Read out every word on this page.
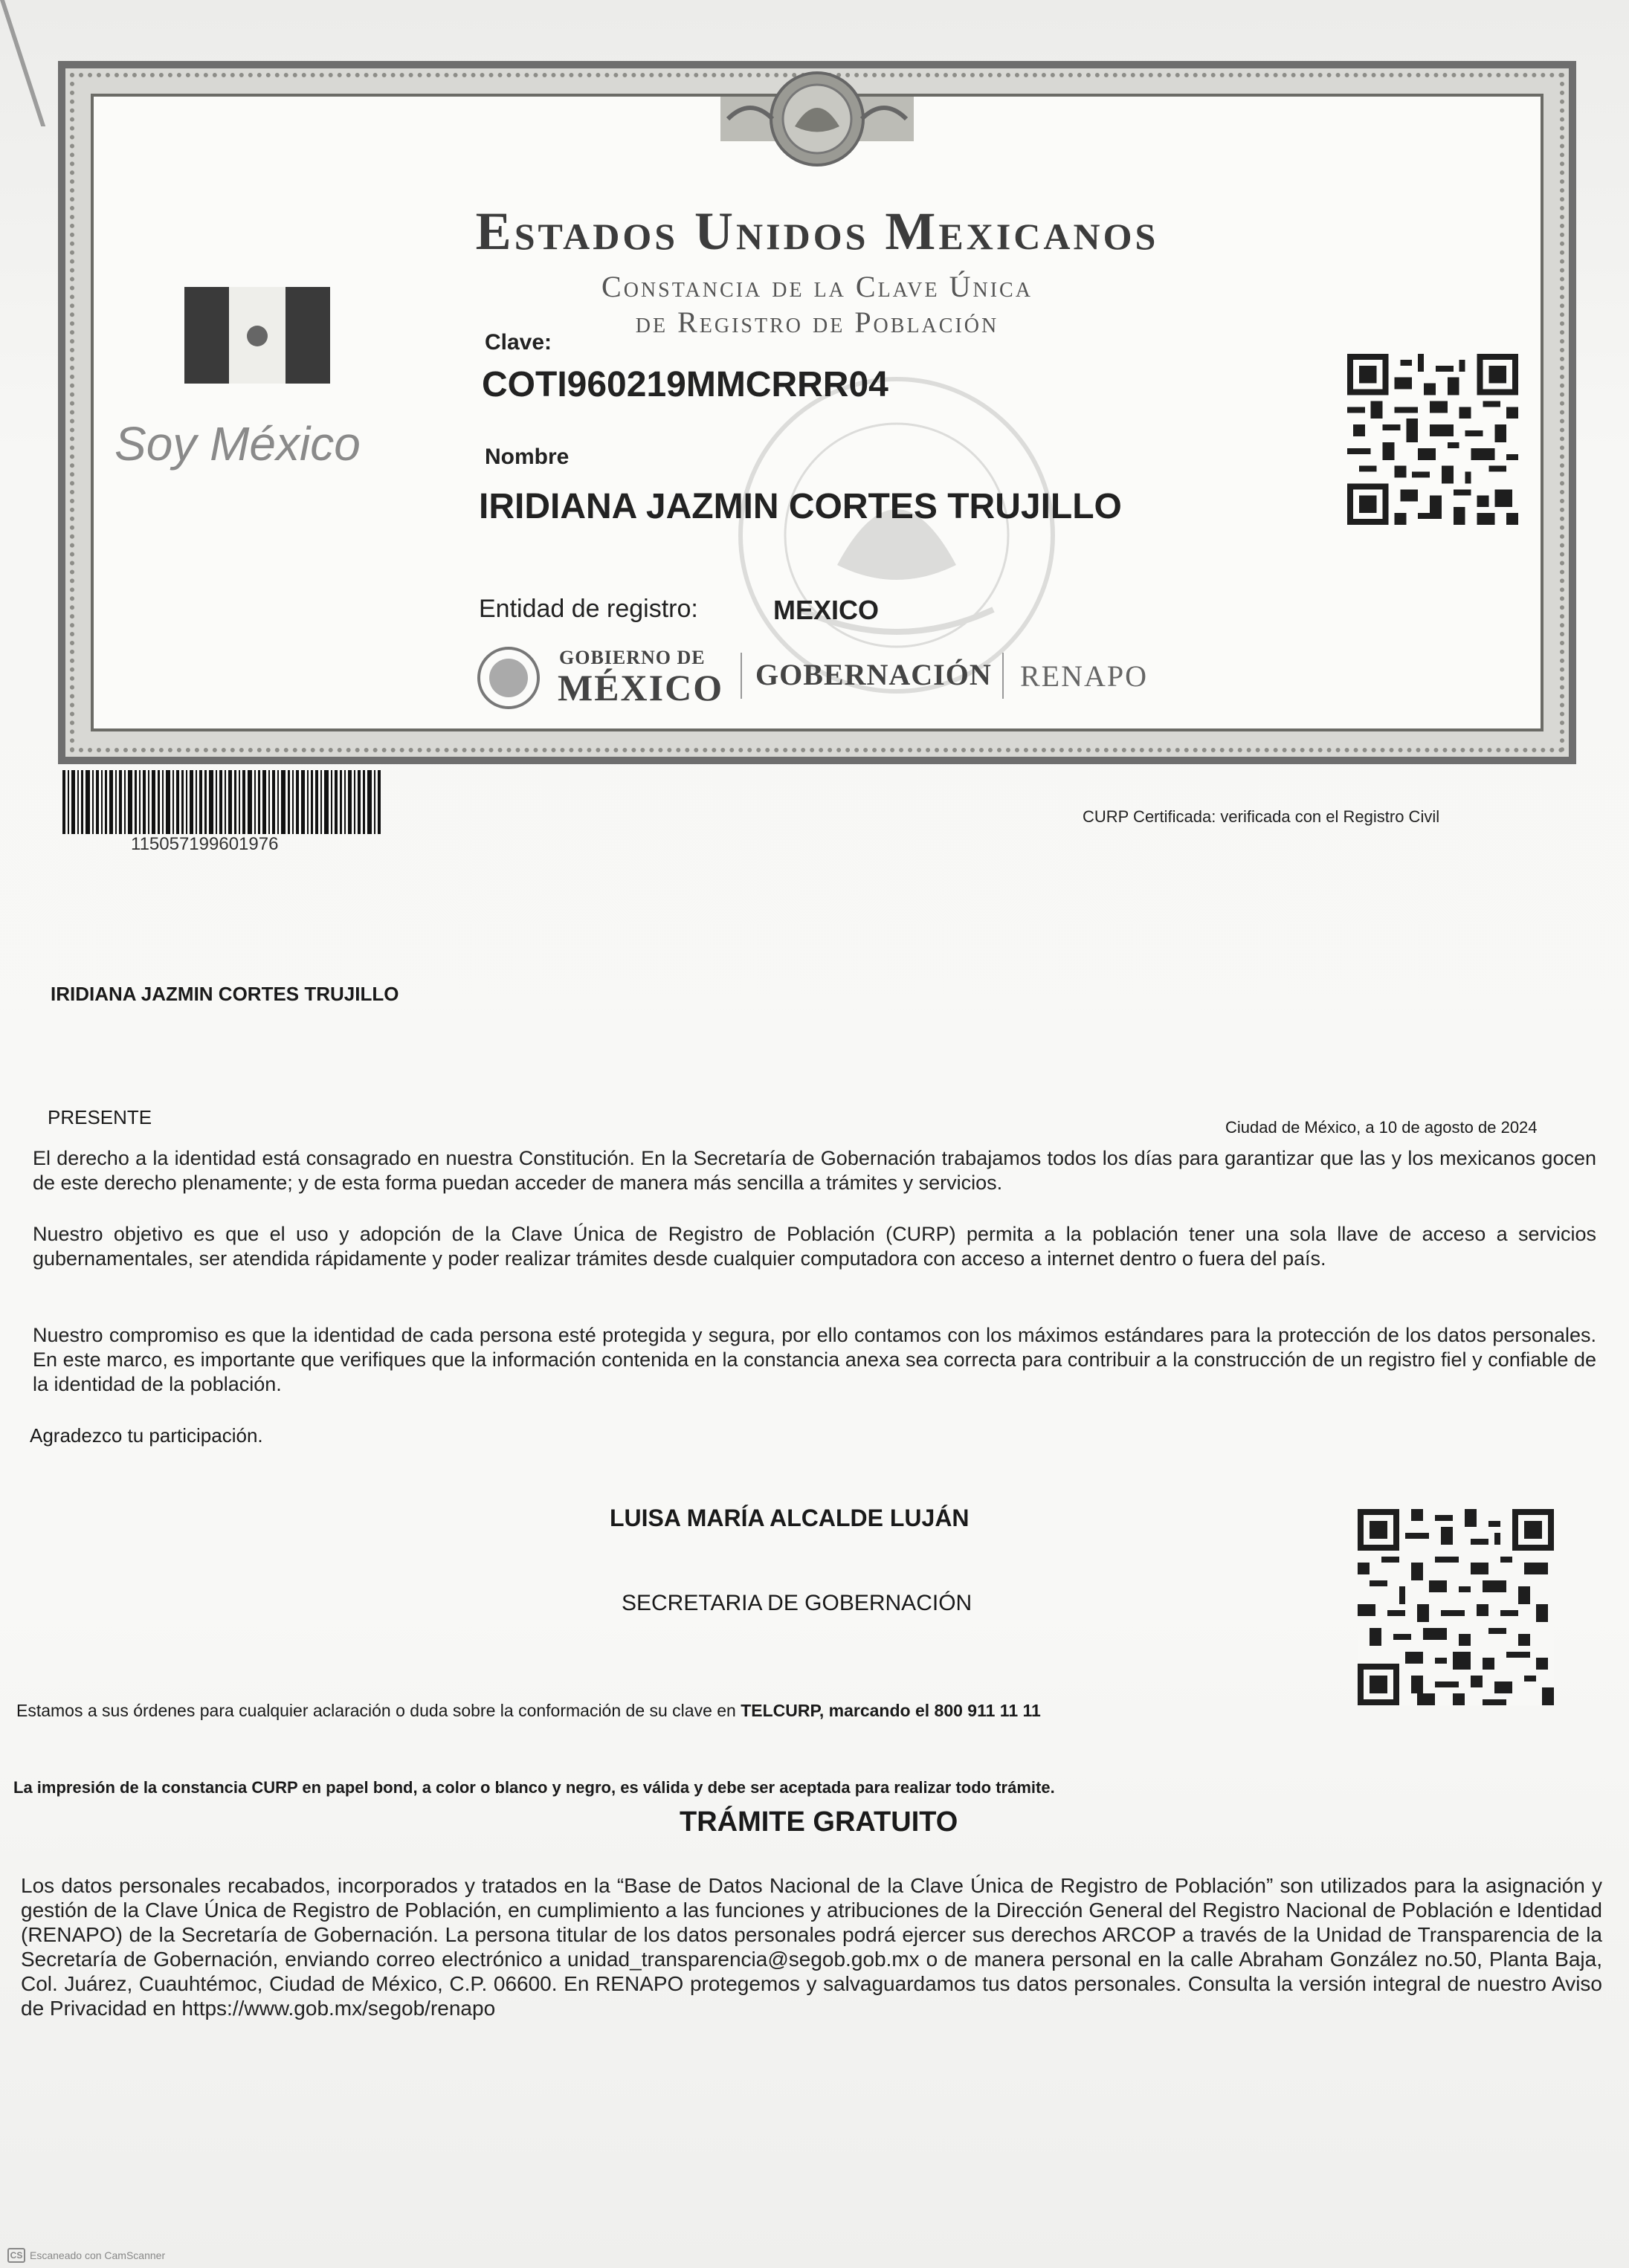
Estados Unidos Mexicanos
Constancia de la Clave Única
de Registro de Población
Soy México
Clave:
COTI960219MMCRRR04
Nombre
IRIDIANA JAZMIN CORTES TRUJILLO
Entidad de registro:	MEXICO
GOBIERNO DE
MÉXICO GOBERNACIÓN RENAPO
115057199601976
CURP Certificada: verificada con el Registro Civil
IRIDIANA JAZMIN CORTES TRUJILLO
PRESENTE	Ciudad de México, a 10 de agosto de 2024
El derecho a la identidad está consagrado en nuestra Constitución. En la Secretaría de Gobernación trabajamos todos los días para garantizar que las y los mexicanos gocen de este derecho plenamente; y de esta forma puedan acceder de manera más sencilla a trámites y servicios.
Nuestro objetivo es que el uso y adopción de la Clave Única de Registro de Población (CURP) permita a la población tener una sola llave de acceso a servicios gubernamentales, ser atendida rápidamente y poder realizar trámites desde cualquier computadora con acceso a internet dentro o fuera del país.
Nuestro compromiso es que la identidad de cada persona esté protegida y segura, por ello contamos con los máximos estándares para la protección de los datos personales. En este marco, es importante que verifiques que la información contenida en la constancia anexa sea correcta para contribuir a la construcción de un registro fiel y confiable de la identidad de la población.
Agradezco tu participación.
LUISA MARÍA ALCALDE LUJÁN
SECRETARIA DE GOBERNACIÓN
Estamos a sus órdenes para cualquier aclaración o duda sobre la conformación de su clave en TELCURP, marcando el 800 911 11 11
La impresión de la constancia CURP en papel bond, a color o blanco y negro, es válida y debe ser aceptada para realizar todo trámite.
TRÁMITE GRATUITO
Los datos personales recabados, incorporados y tratados en la “Base de Datos Nacional de la Clave Única de Registro de Población” son utilizados para la asignación y gestión de la Clave Única de Registro de Población, en cumplimiento a las funciones y atribuciones de la Dirección General del Registro Nacional de Población e Identidad (RENAPO) de la Secretaría de Gobernación. La persona titular de los datos personales podrá ejercer sus derechos ARCOP a través de la Unidad de Transparencia de la Secretaría de Gobernación, enviando correo electrónico a unidad_transparencia@segob.gob.mx o de manera personal en la calle Abraham González no.50, Planta Baja, Col. Juárez, Cuauhtémoc, Ciudad de México, C.P. 06600. En RENAPO protegemos y salvaguardamos tus datos personales. Consulta la versión integral de nuestro Aviso de Privacidad en https://www.gob.mx/segob/renapo
CS Escaneado con CamScanner
